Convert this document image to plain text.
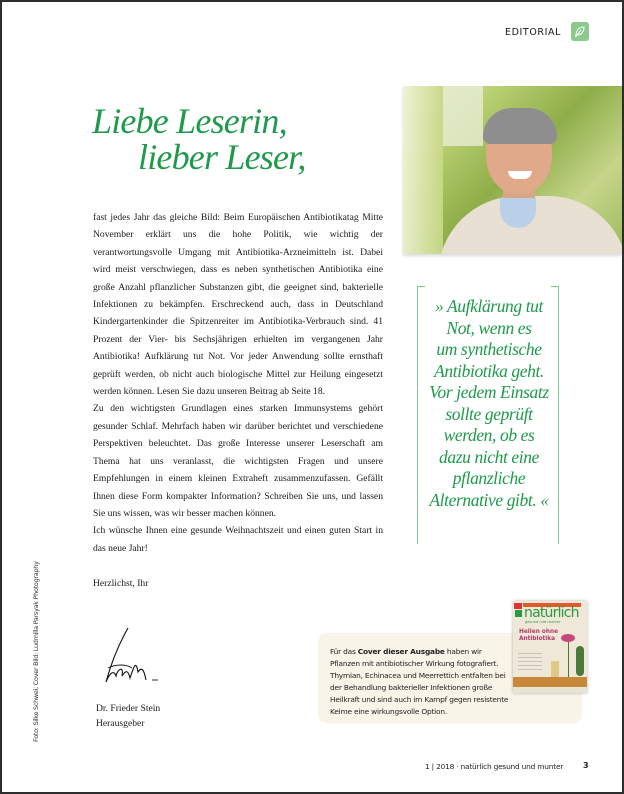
EDITORIAL
Liebe Leserin,
lieber Leser,

fast jedes Jahr das gleiche Bild: Beim Europäischen Antibiotikatag Mitte November erklärt uns die hohe Politik, wie wichtig der verantwortungsvolle Umgang mit Antibiotika-Arzneimitteln ist. Dabei wird meist verschwiegen, dass es neben synthetischen Antibiotika eine große Anzahl pflanzlicher Substanzen gibt, die geeignet sind, bakterielle Infektionen zu bekämpfen. Erschreckend auch, dass in Deutschland Kindergartenkinder die Spitzenreiter im Antibiotika-Verbrauch sind. 41 Prozent der Vier- bis Sechsjährigen erhielten im vergangenen Jahr Antibiotika! Aufklärung tut Not. Vor jeder Anwendung sollte ernsthaft geprüft werden, ob nicht auch biologische Mittel zur Heilung eingesetzt werden können. Lesen Sie dazu unseren Beitrag ab Seite 18.

Zu den wichtigsten Grundlagen eines starken Immunsystems gehört gesunder Schlaf. Mehrfach haben wir darüber berichtet und verschiedene Perspektiven beleuchtet. Das große Interesse unserer Leserschaft am Thema hat uns veranlasst, die wichtigsten Fragen und unsere Empfehlungen in einem kleinen Extraheft zusammenzufassen. Gefällt Ihnen diese Form kompakter Information? Schreiben Sie uns, und lassen Sie uns wissen, was wir besser machen können.

Ich wünsche Ihnen eine gesunde Weihnachtszeit und einen guten Start in das neue Jahr!

Herzlichst, Ihr

Dr. Frieder Stein
Herausgeber
Foto: Silke Schwei; Cover Bild: Ludmilla Parsyak Photography
» Aufklärung tut
Not, wenn es
um synthetische
Antibiotika geht.
Vor jedem Einsatz
sollte geprüft
werden, ob es
dazu nicht eine
pflanzliche
Alternative gibt. «
Für das Cover dieser Ausgabe haben wir Pflanzen mit antibiotischer Wirkung fotografiert. Thymian, Echinacea und Meerrettich entfalten bei der Behandlung bakterieller Infektionen große Heilkraft und sind auch im Kampf gegen resistente Keime eine wirkungsvolle Option.
natürlich
gesund und munter
Heilen ohne
Antibiotika
1 | 2018 · natürlich gesund und munter 3
